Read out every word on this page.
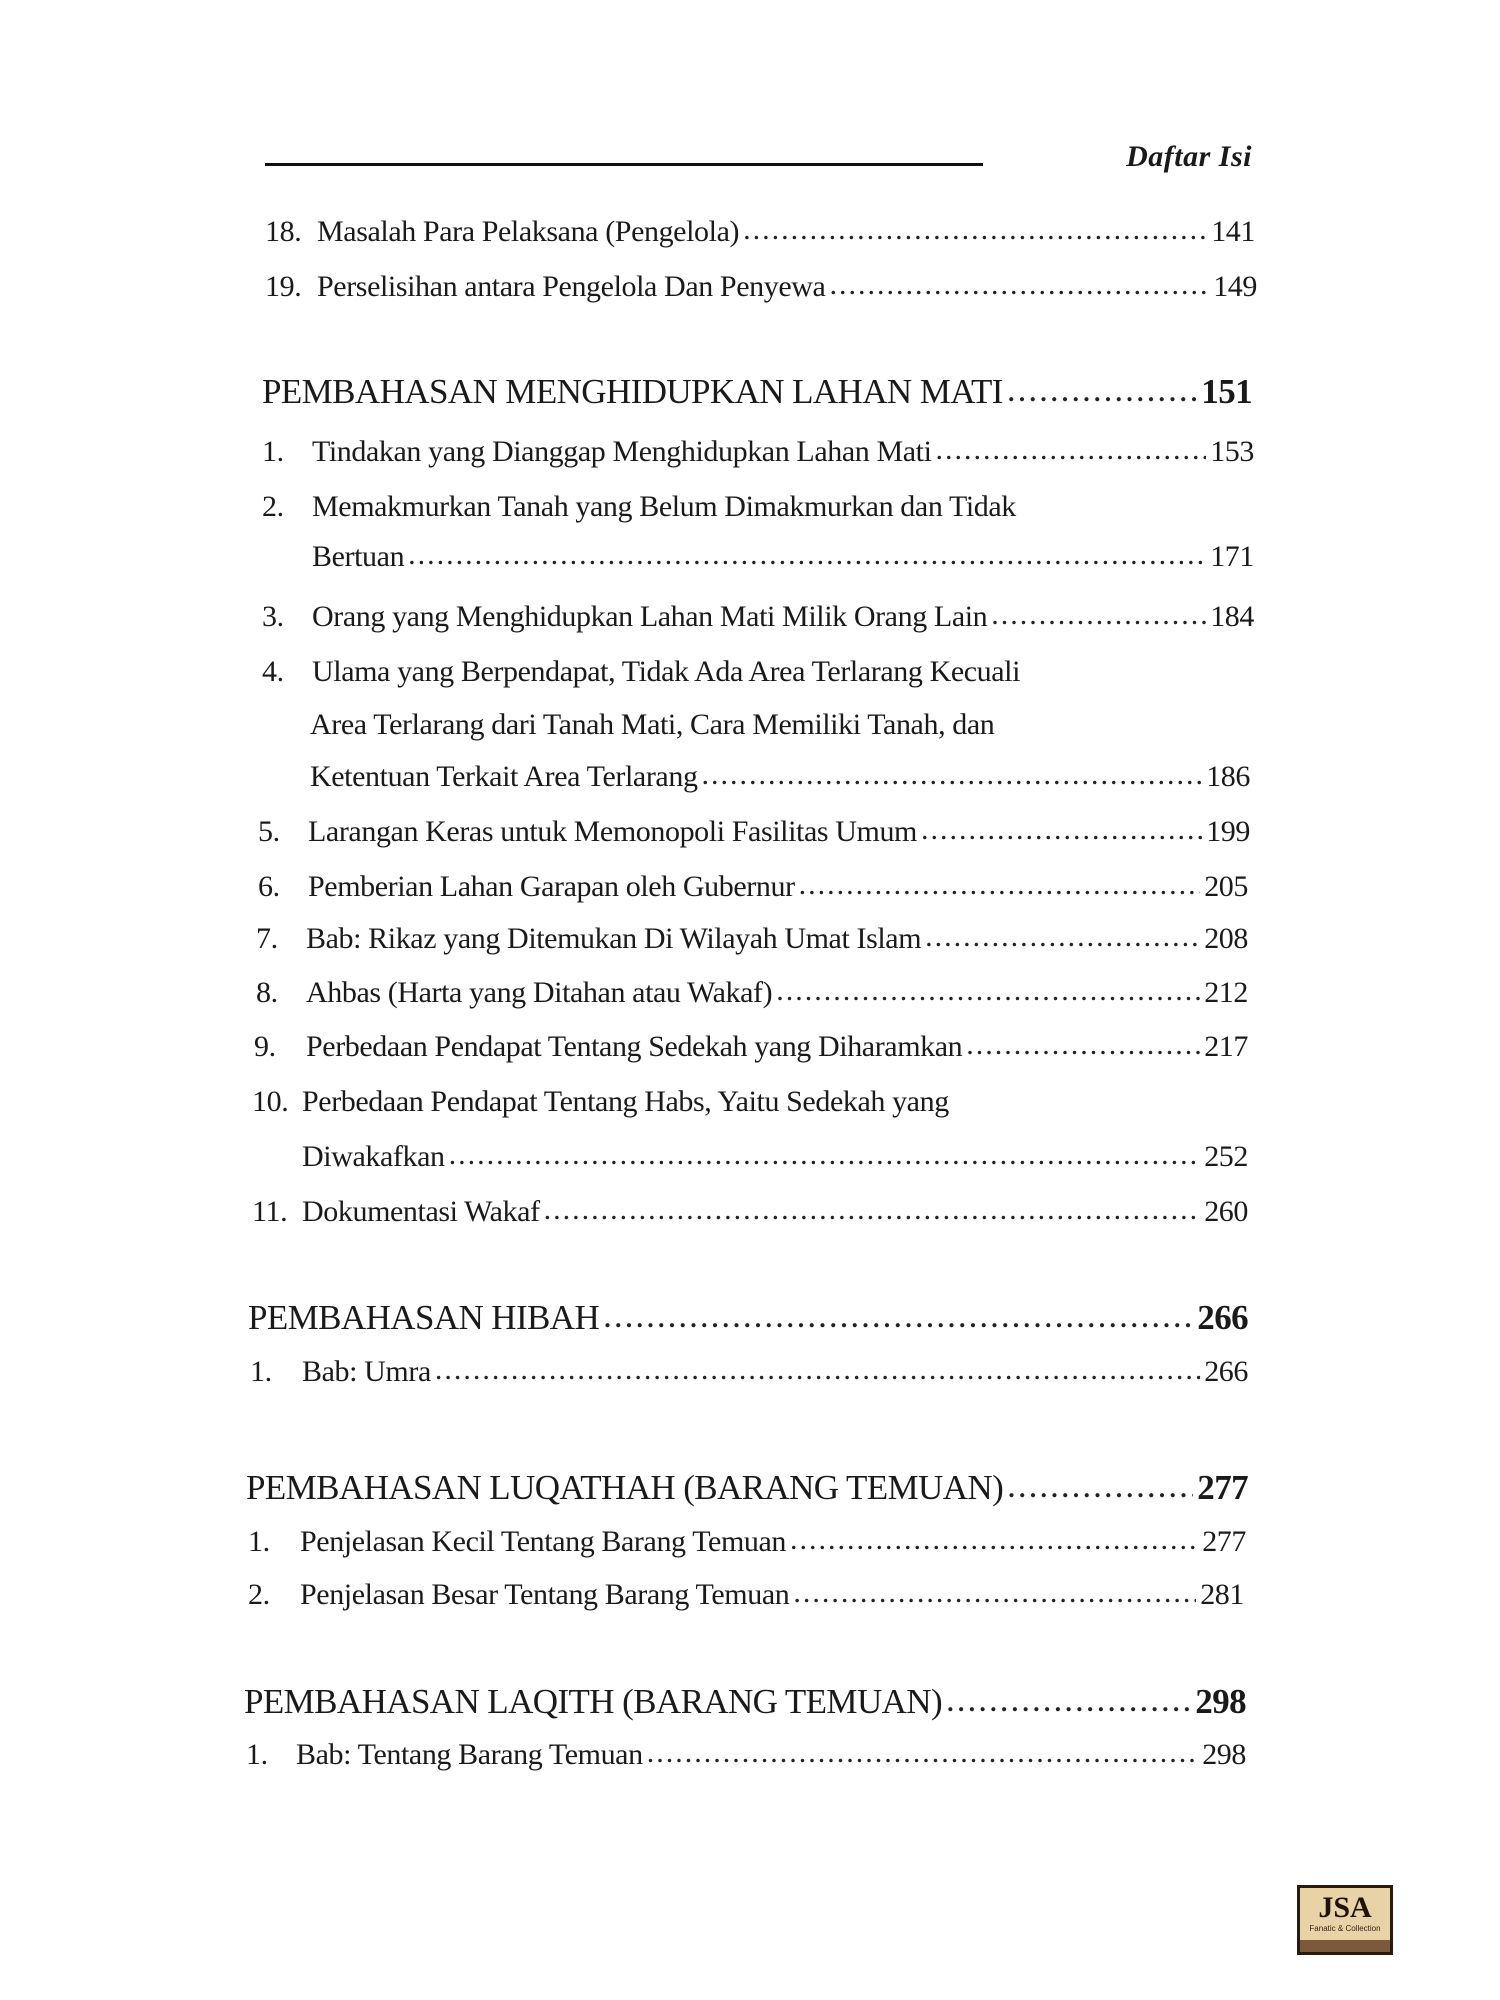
Daftar Isi
18. Masalah Para Pelaksana (Pengelola) .....	141
19. Perselisihan antara Pengelola Dan Penyewa .....	149
PEMBAHASAN MENGHIDUPKAN LAHAN MATI .....	151
1. Tindakan yang Dianggap Menghidupkan Lahan Mati .....	153
2. Memakmurkan Tanah yang Belum Dimakmurkan dan Tidak
Bertuan .....	171
3. Orang yang Menghidupkan Lahan Mati Milik Orang Lain .....	184
4. Ulama yang Berpendapat, Tidak Ada Area Terlarang Kecuali
Area Terlarang dari Tanah Mati, Cara Memiliki Tanah, dan
Ketentuan Terkait Area Terlarang .....	186
5. Larangan Keras untuk Memonopoli Fasilitas Umum .....	199
6. Pemberian Lahan Garapan oleh Gubernur .....	205
7. Bab: Rikaz yang Ditemukan Di Wilayah Umat Islam .....	208
8. Ahbas (Harta yang Ditahan atau Wakaf) .....	212
9.	Perbedaan Pendapat Tentang Sedekah yang Diharamkan .....	217
10. Perbedaan Pendapat Tentang Habs, Yaitu Sedekah yang
Diwakafkan .....	252
11. Dokumentasi Wakaf .....	260
PEMBAHASAN HIBAH .....	266
1.	Bab: Umra .....	266
PEMBAHASAN LUQATHAH (BARANG TEMUAN) .....	277
1.	Penjelasan Kecil Tentang Barang Temuan .....	277
2.	Penjelasan Besar Tentang Barang Temuan .....	281
PEMBAHASAN LAQITH (BARANG TEMUAN) .....	298
1. Bab: Tentang Barang Temuan .....	298
JSA
Fanatic & Collection
